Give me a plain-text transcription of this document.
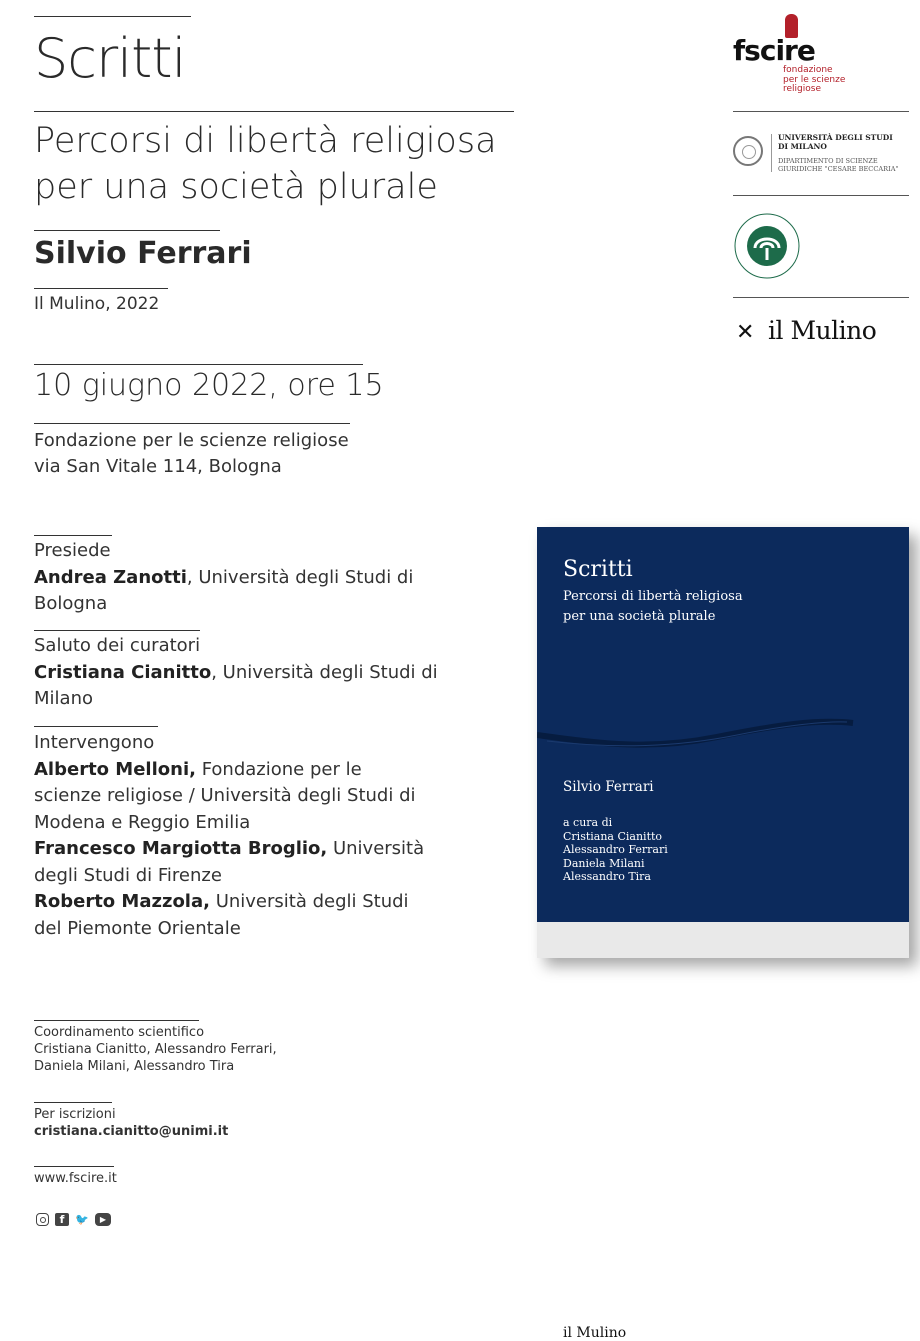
Scritti
Percorsi di libertà religiosa
per una società plurale
Silvio Ferrari
Il Mulino, 2022
10 giugno 2022, ore 15
Fondazione per le scienze religiose
via San Vitale 114, Bologna
Presiede
Andrea Zanotti, Università degli Studi di Bologna
Saluto dei curatori
Cristiana Cianitto, Università degli Studi di Milano
Intervengono
Alberto Melloni, Fondazione per le scienze religiose / Università degli Studi di Modena e Reggio Emilia
Francesco Margiotta Broglio, Università degli Studi di Firenze
Roberto Mazzola, Università degli Studi del Piemonte Orientale
Coordinamento scientifico
Cristiana Cianitto, Alessandro Ferrari,
Daniela Milani, Alessandro Tira
Per iscrizioni
cristiana.cianitto@unimi.it
www.fscire.it
f 🐦	▶
fscire
fondazione
per le scienze
religiose
UNIVERSITÀ DEGLI STUDI
DI MILANO
DIPARTIMENTO DI SCIENZE
GIURIDICHE "CESARE BECCARIA"
✕ il Mulino
Scritti
Percorsi di libertà religiosa
per una società plurale
Silvio Ferrari
a cura di
Cristiana Cianitto
Alessandro Ferrari
Daniela Milani
Alessandro Tira
il Mulino
